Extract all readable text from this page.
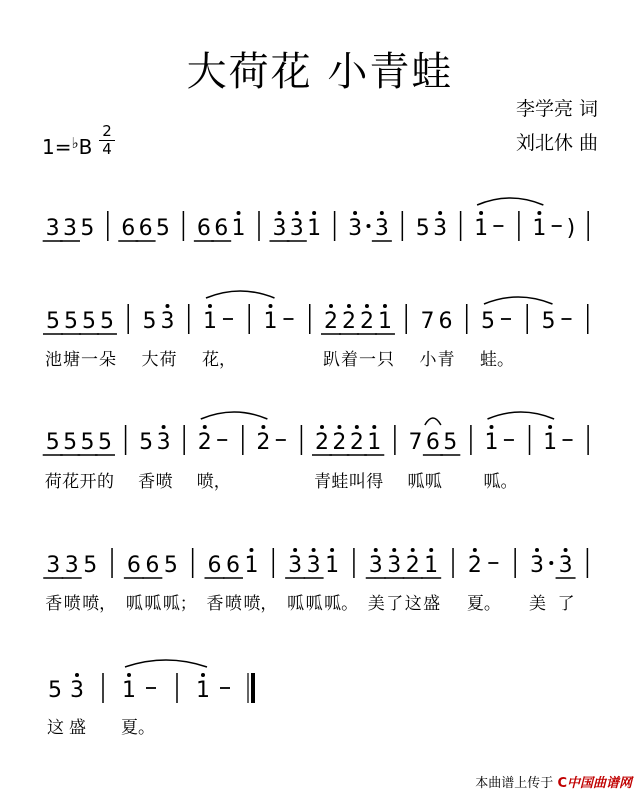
大荷花 小青蛙
李学亮 词
刘北休 曲
1=♭B
2
4
3 3 5 6 6 5 6 6 1 3 3 1 3 3 5 3 1 1 )
5 5 5 5 5 3 1 1 2 2 2 1 7 6 5 5
池 塘 一 朵 大 荷 花，	趴 着 一 只 小 青 蛙。
5 5 5 5 5 3 2 2 2 2 2 1 7 6 5 1 1
荷 花 开 的 香 喷 喷，	青 蛙 叫 得 呱 呱 呱。
3 3 5 6 6 5 6 6 1 3 3 1 3 3 2 1 2 3 3
香 喷 喷， 呱 呱 呱； 香 喷 喷， 呱 呱 呱。 美 了 这 盛 夏。 美 了
5 3 1	1
这 盛 夏。
本曲谱上传于 C中国曲谱网
